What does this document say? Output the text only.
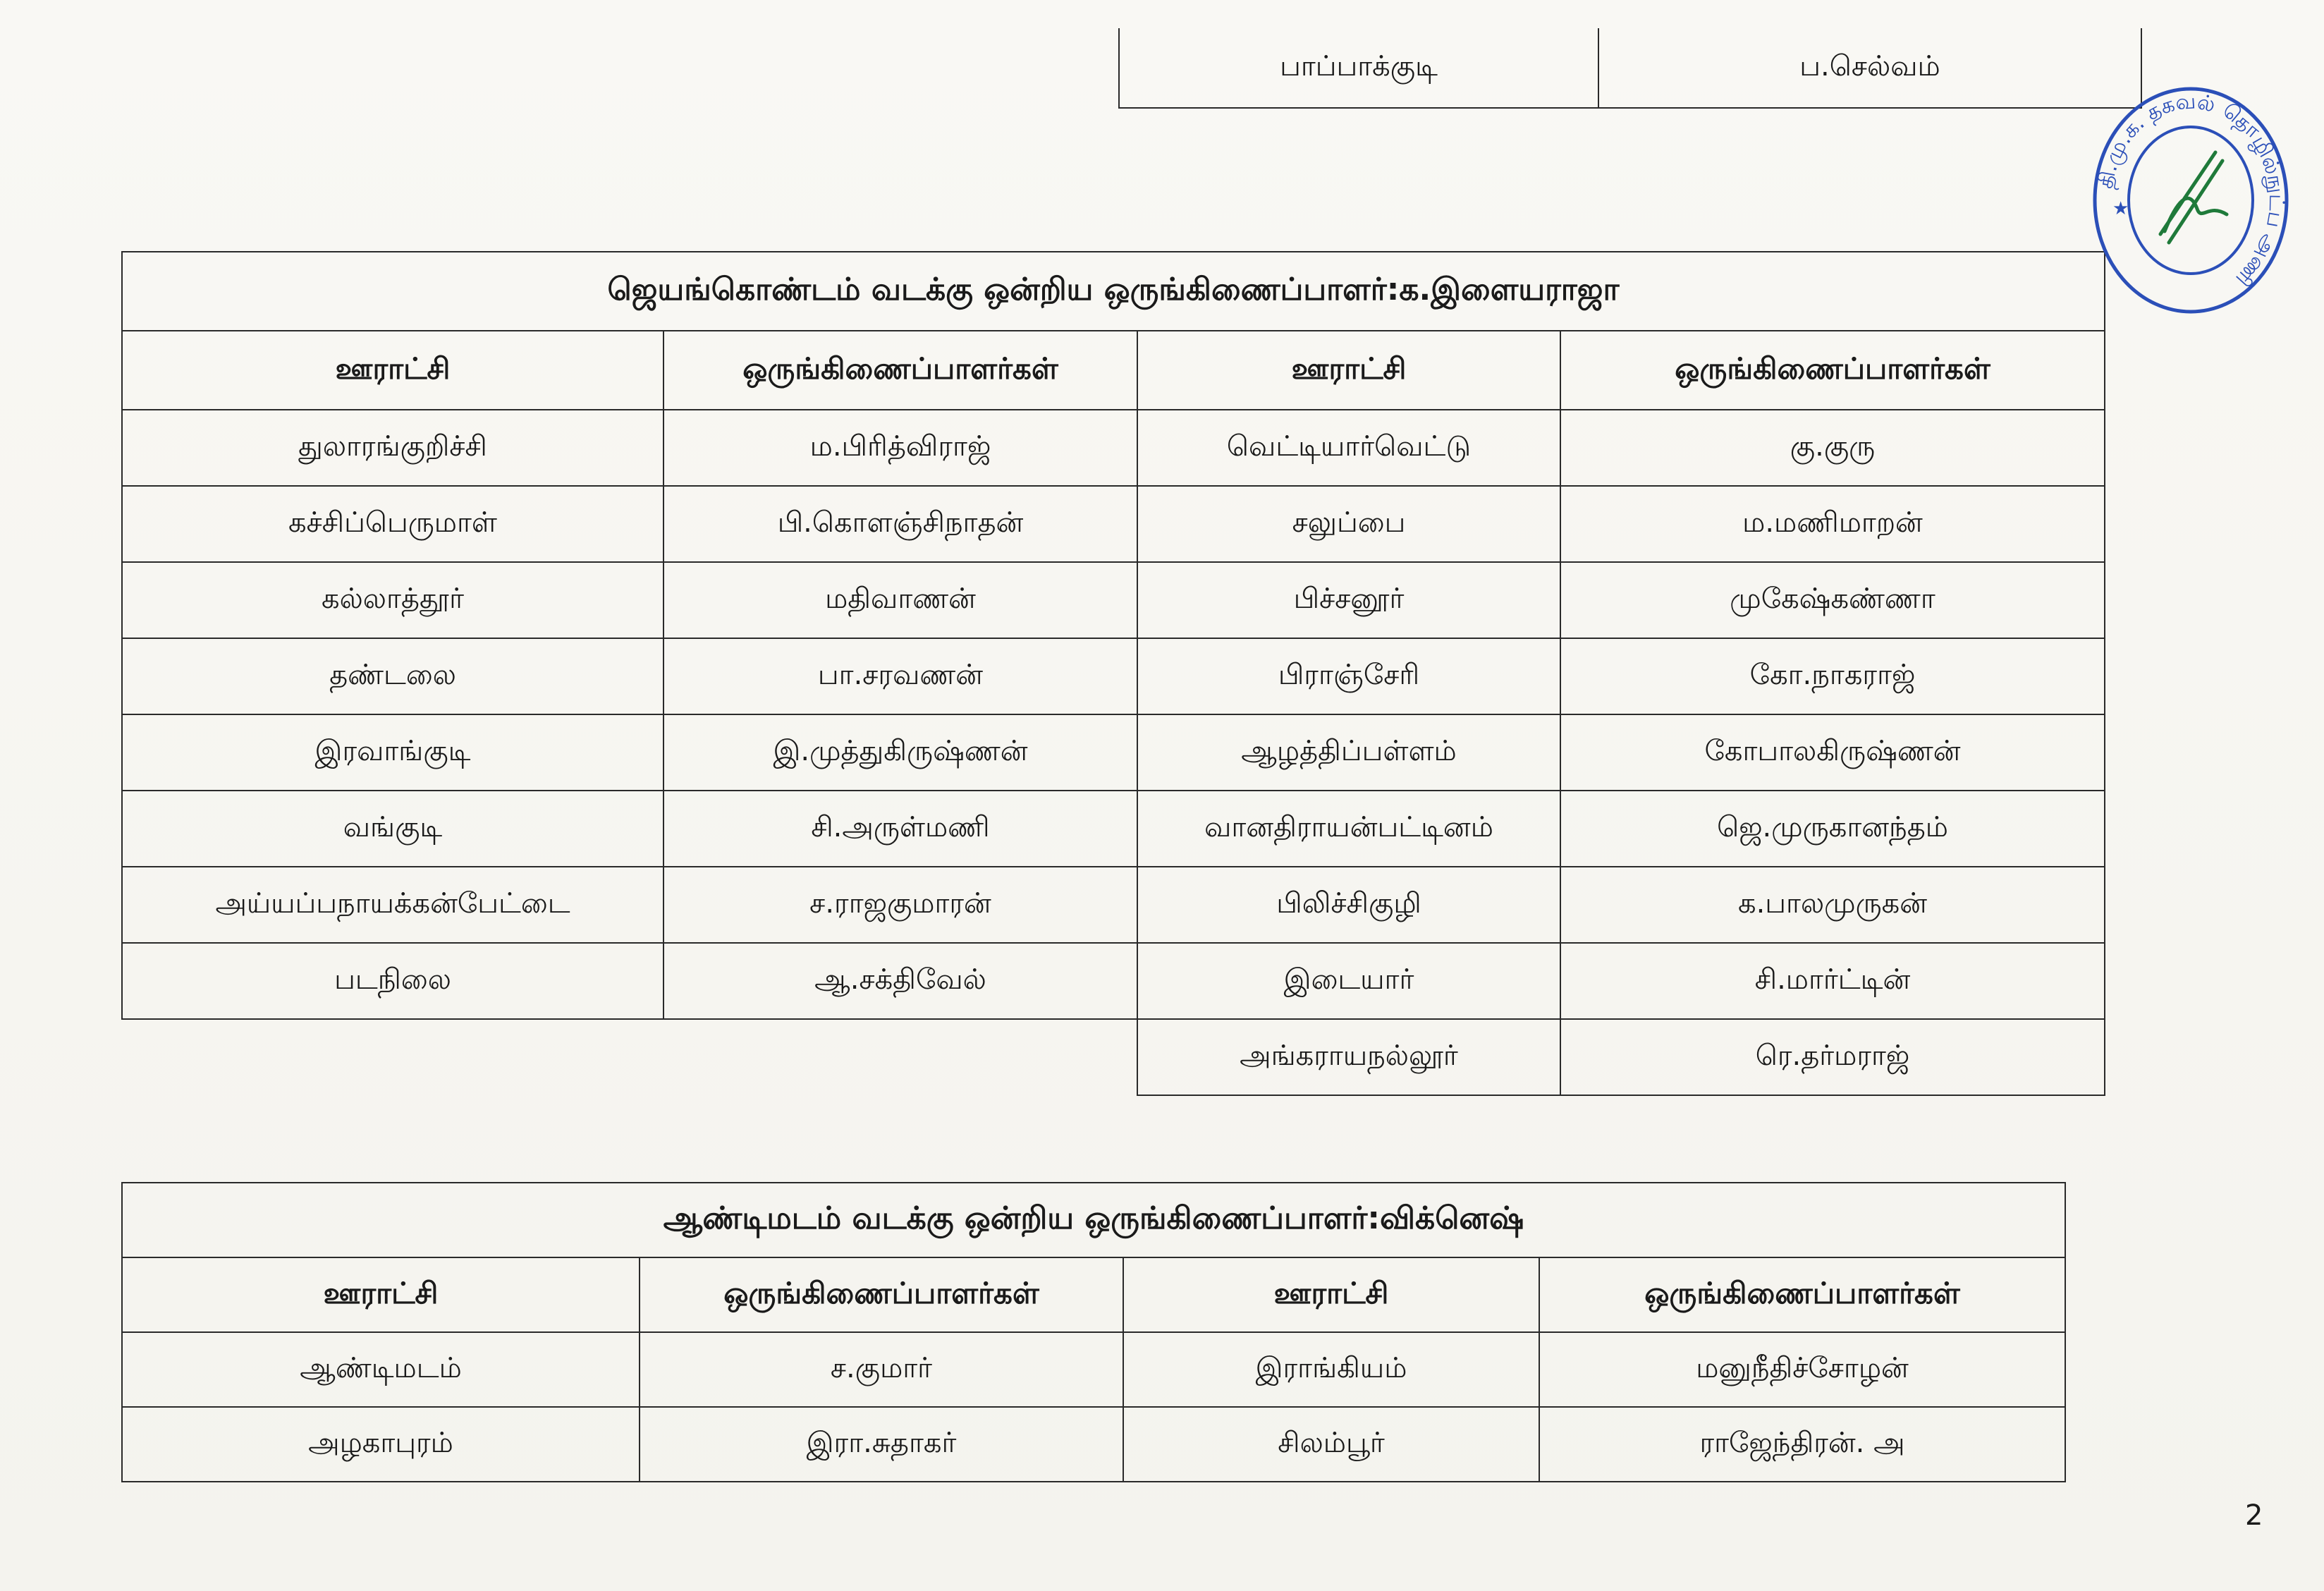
பாப்பாக்குடி	ப.செல்வம்
ஜெயங்கொண்டம் வடக்கு ஒன்றிய ஒருங்கிணைப்பாளர்:க.இளையராஜா			
ஊராட்சி	ஒருங்கிணைப்பாளர்கள்	ஊராட்சி	ஒருங்கிணைப்பாளர்கள்
துலாரங்குறிச்சி	ம.பிரித்விராஜ்	வெட்டியார்வெட்டு	கு.குரு
கச்சிப்பெருமாள்	பி.கொளஞ்சிநாதன்	சலுப்பை	ம.மணிமாறன்
கல்லாத்தூர்	மதிவாணன்	பிச்சனூர்	முகேஷ்கண்ணா
தண்டலை	பா.சரவணன்	பிராஞ்சேரி	கோ.நாகராஜ்
இரவாங்குடி	இ.முத்துகிருஷ்ணன்	ஆழத்திப்பள்ளம்	கோபாலகிருஷ்ணன்
வங்குடி	சி.அருள்மணி	வானதிராயன்பட்டினம்	ஜெ.முருகானந்தம்
அய்யப்பநாயக்கன்பேட்டை	ச.ராஜகுமாரன்	பிலிச்சிகுழி	க.பாலமுருகன்
படநிலை	ஆ.சக்திவேல்	இடையார்	சி.மார்ட்டின்
		அங்கராயநல்லூர்	ரெ.தர்மராஜ்
ஆண்டிமடம் வடக்கு ஒன்றிய ஒருங்கிணைப்பாளர்:விக்னெஷ்			
ஊராட்சி	ஒருங்கிணைப்பாளர்கள்	ஊராட்சி	ஒருங்கிணைப்பாளர்கள்
ஆண்டிமடம்	ச.குமார்	இராங்கியம்	மனுநீதிச்சோழன்
அழகாபுரம்	இரா.சுதாகர்	சிலம்பூர்	ராஜேந்திரன். அ
தி.மு.க. தகவல் தொழில்நுட்ப அணி
★
2
